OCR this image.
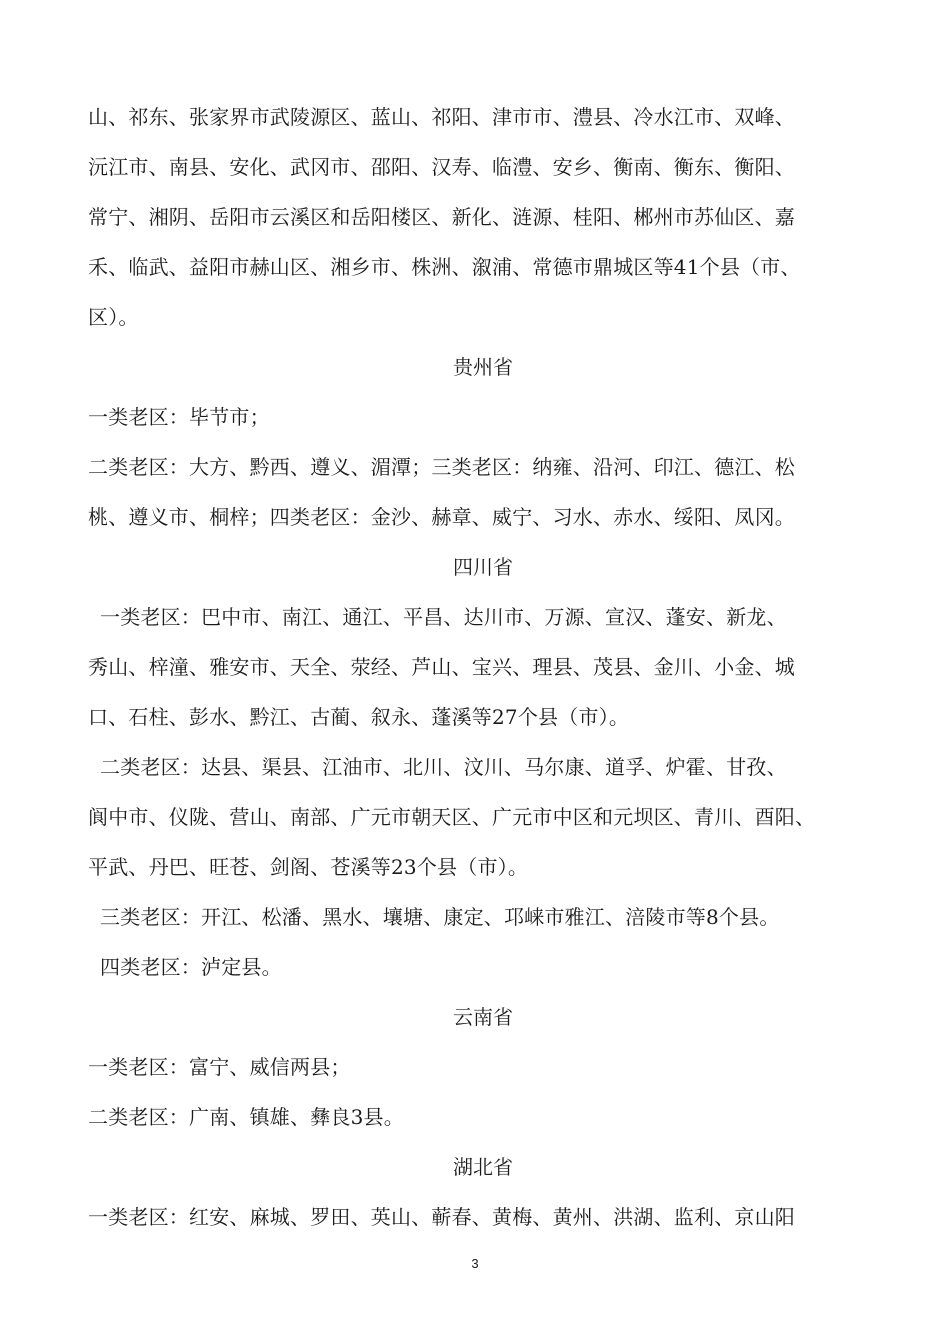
山、祁东、张家界市武陵源区、蓝山、祁阳、津市市、澧县、冷水江市、双峰、
沅江市、南县、安化、武冈市、邵阳、汉寿、临澧、安乡、衡南、衡东、衡阳、
常宁、湘阴、岳阳市云溪区和岳阳楼区、新化、涟源、桂阳、郴州市苏仙区、嘉
禾、临武、益阳市赫山区、湘乡市、株洲、溆浦、常德市鼎城区等41个县（市、
区）。
贵州省
一类老区：毕节市；
二类老区：大方、黔西、遵义、湄潭；三类老区：纳雍、沿河、印江、德江、松
桃、遵义市、桐梓；四类老区：金沙、赫章、威宁、习水、赤水、绥阳、凤冈。
四川省
一类老区：巴中市、南江、通江、平昌、达川市、万源、宣汉、蓬安、新龙、
秀山、梓潼、雅安市、天全、荥经、芦山、宝兴、理县、茂县、金川、小金、城
口、石柱、彭水、黔江、古蔺、叙永、蓬溪等27个县（市）。
二类老区：达县、渠县、江油市、北川、汶川、马尔康、道孚、炉霍、甘孜、
阆中市、仪陇、营山、南部、广元市朝天区、广元市中区和元坝区、青川、酉阳、
平武、丹巴、旺苍、剑阁、苍溪等23个县（市）。
三类老区：开江、松潘、黑水、壤塘、康定、邛崃市雅江、涪陵市等8个县。
四类老区：泸定县。
云南省
一类老区：富宁、威信两县；
二类老区：广南、镇雄、彝良3县。
湖北省
一类老区：红安、麻城、罗田、英山、蕲春、黄梅、黄州、洪湖、监利、京山阳
3
